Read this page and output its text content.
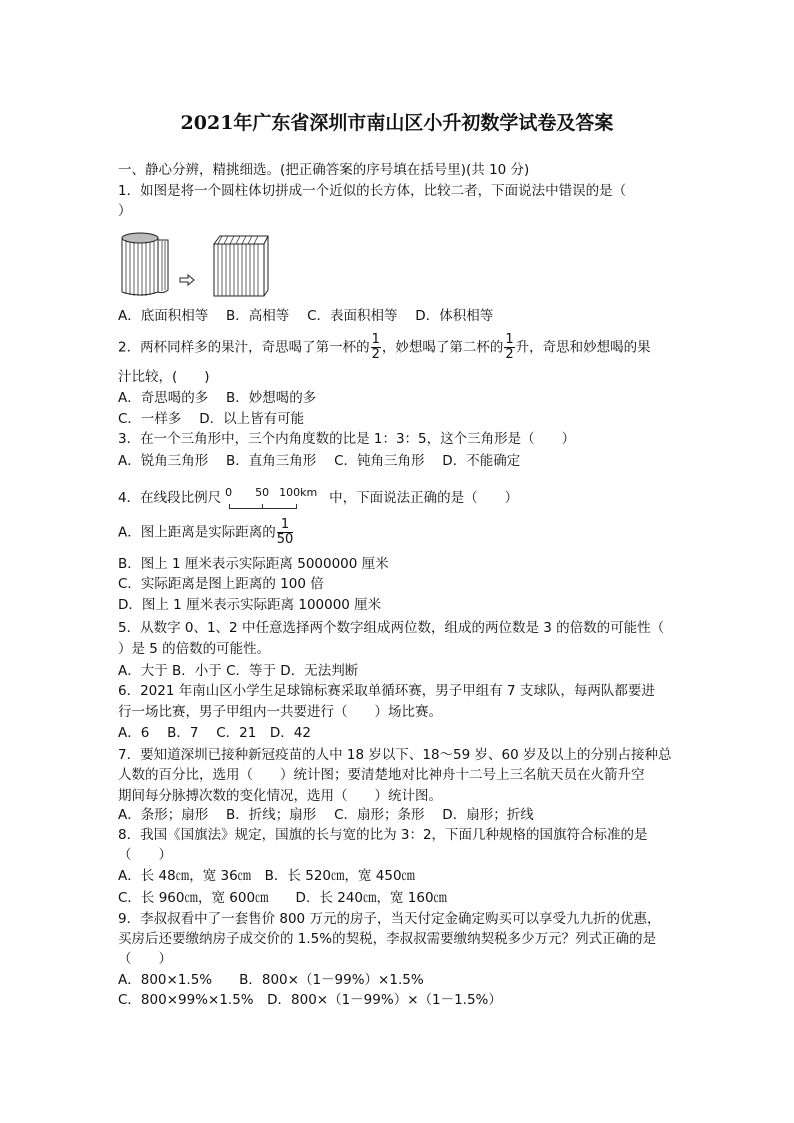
2021年广东省深圳市南山区小升初数学试卷及答案
一、静心分辨，精挑细选。(把正确答案的序号填在括号里)(共 10 分)
1．如图是将一个圆柱体切拼成一个近似的长方体，比较二者，下面说法中错误的是（
）
A．底面积相等　 B．高相等　 C．表面积相等　 D．体积相等
2．两杯同样多的果汁，奇思喝了第一杯的 $\frac{1}{2}$ ，妙想喝了第二杯的 $\frac{1}{2}$ 升，奇思和妙想喝的果
汁比较，(　　)
A．奇思喝的多　 B．妙想喝的多
C．一样多　 D．以上皆有可能
3．在一个三角形中，三个内角度数的比是 1：3：5，这个三角形是（　　）
A．锐角三角形　 B．直角三角形　 C．钝角三角形　 D．不能确定
4．在线段比例尺 0 50 100km 中，下面说法正确的是（　　）
A．图上距离是实际距离的 $\frac{1}{50}$
B．图上 1 厘米表示实际距离 5000000 厘米
C．实际距离是图上距离的 100 倍
D．图上 1 厘米表示实际距离 100000 厘米
5．从数字 0、1、2 中任意选择两个数字组成两位数，组成的两位数是 3 的倍数的可能性（
）是 5 的倍数的可能性。
A．大于 B．小于 C．等于 D．无法判断
6．2021 年南山区小学生足球锦标赛采取单循环赛，男子甲组有 7 支球队，每两队都要进
行一场比赛，男子甲组内一共要进行（　　）场比赛。
A．6　 B．7　 C．21　D．42
7．要知道深圳已接种新冠疫苗的人中 18 岁以下、18～59 岁、60 岁及以上的分别占接种总
人数的百分比，选用（　　）统计图；要清楚地对比神舟十二号上三名航天员在火箭升空
期间每分脉搏次数的变化情况，选用（　　）统计图。
A．条形；扇形　 B．折线；扇形　 C．扇形；条形　 D．扇形；折线
8．我国《国旗法》规定，国旗的长与宽的比为 3：2，下面几种规格的国旗符合标准的是
（　　）
A．长 48㎝，宽 36㎝　B．长 520㎝，宽 450㎝
C．长 960㎝，宽 600㎝　　D．长 240㎝，宽 160㎝
9．李叔叔看中了一套售价 800 万元的房子，当天付定金确定购买可以享受九九折的优惠，
买房后还要缴纳房子成交价的 1.5%的契税，李叔叔需要缴纳契税多少万元？列式正确的是
（　　）
A．800×1.5%　　B．800×（1－99%）×1.5%
C．800×99%×1.5%　D．800×（1－99%）×（1－1.5%）
